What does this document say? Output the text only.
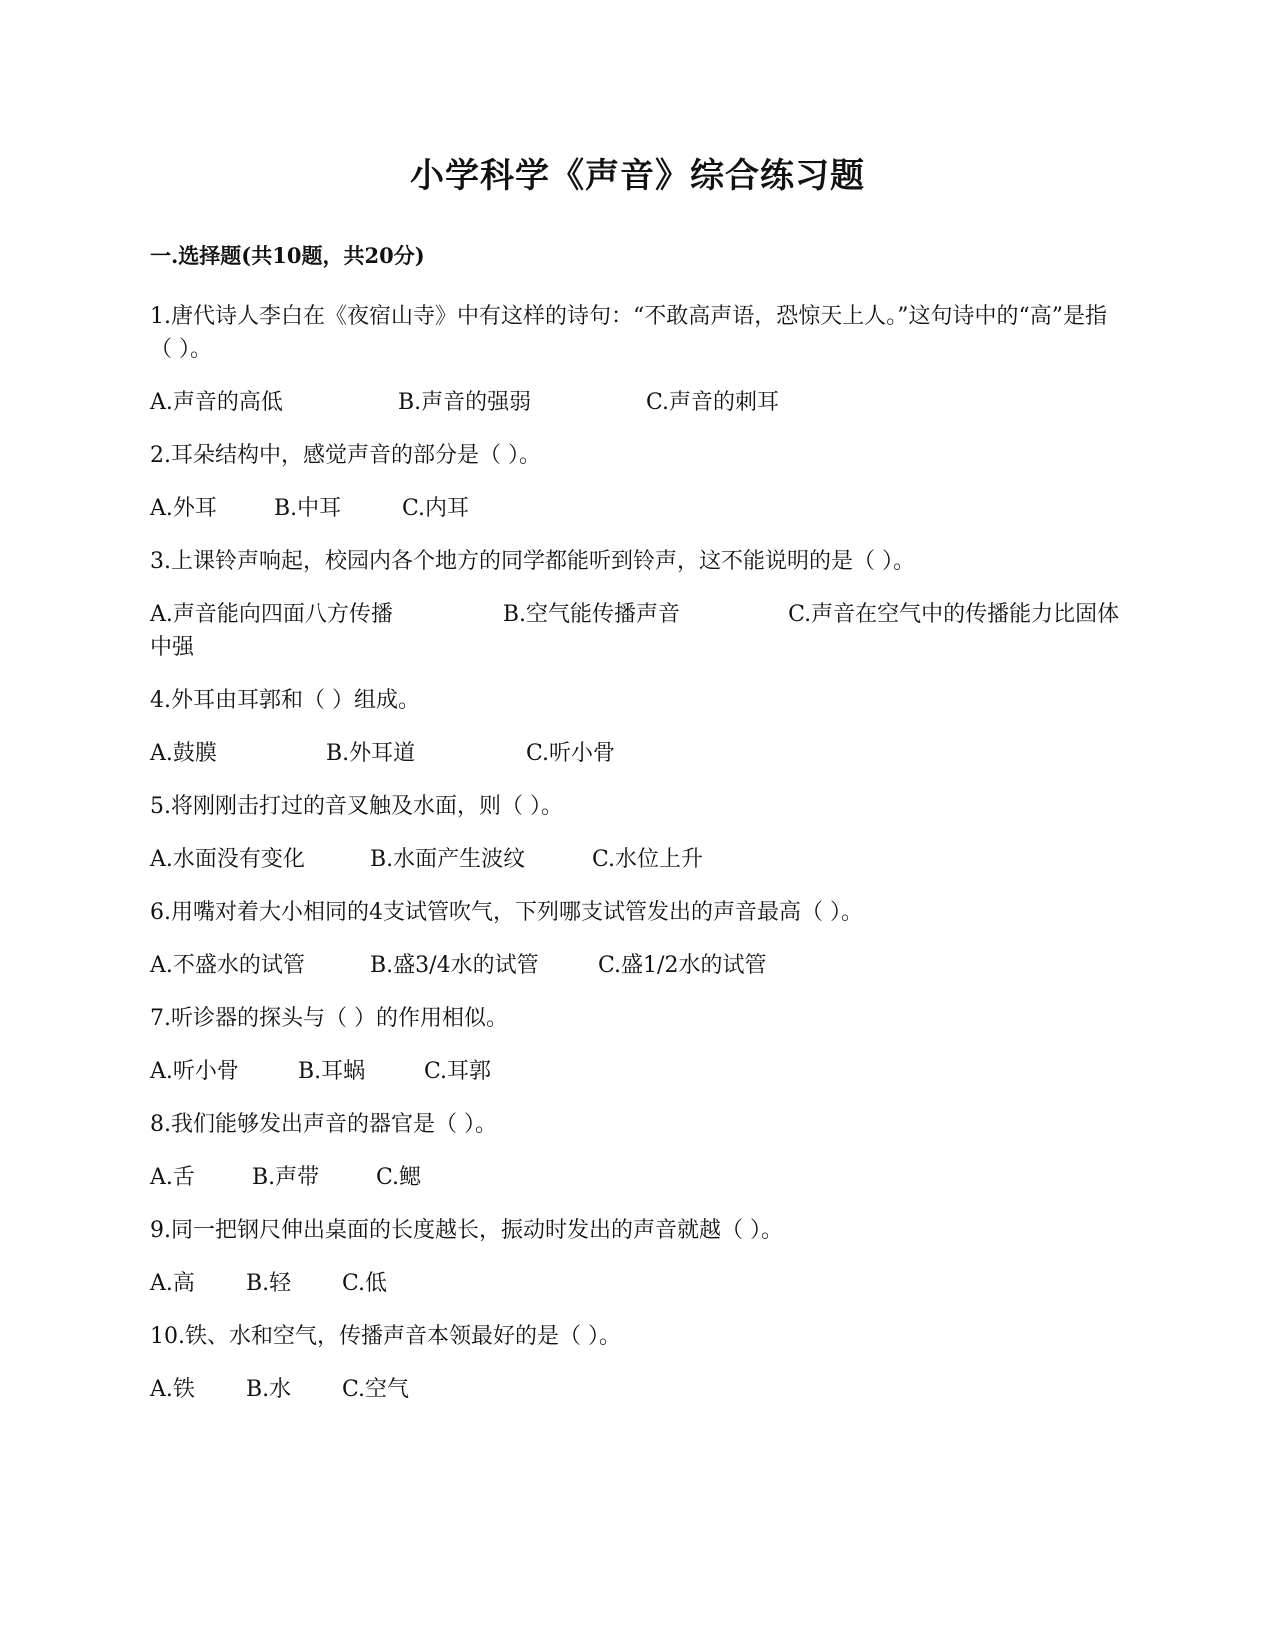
小学科学《声音》综合练习题
一.选择题(共10题，共20分)

1.唐代诗人李白在《夜宿山寺》中有这样的诗句：“不敢高声语，恐惊天上人。”这句诗中的“高”是指（ ）。

A.声音的高低	B.声音的强弱	C.声音的刺耳

2.耳朵结构中，感觉声音的部分是（ ）。

A.外耳	B.中耳	C.内耳

3.上课铃声响起，校园内各个地方的同学都能听到铃声，这不能说明的是（ ）。

A.声音能向四面八方传播	B.空气能传播声音	C.声音在空气中的传播能力比固体中强

4.外耳由耳郭和（ ）组成。

A.鼓膜	B.外耳道	C.听小骨

5.将刚刚击打过的音叉触及水面，则（ ）。

A.水面没有变化	B.水面产生波纹	C.水位上升

6.用嘴对着大小相同的4支试管吹气，下列哪支试管发出的声音最高（ ）。

A.不盛水的试管	B.盛3/4水的试管	C.盛1/2水的试管

7.听诊器的探头与（ ）的作用相似。

A.听小骨	B.耳蜗	C.耳郭

8.我们能够发出声音的器官是（ ）。

A.舌	B.声带	C.鳃

9.同一把钢尺伸出桌面的长度越长，振动时发出的声音就越（ ）。

A.高 B.轻 C.低

10.铁、水和空气，传播声音本领最好的是（ ）。

A.铁 B.水 C.空气
